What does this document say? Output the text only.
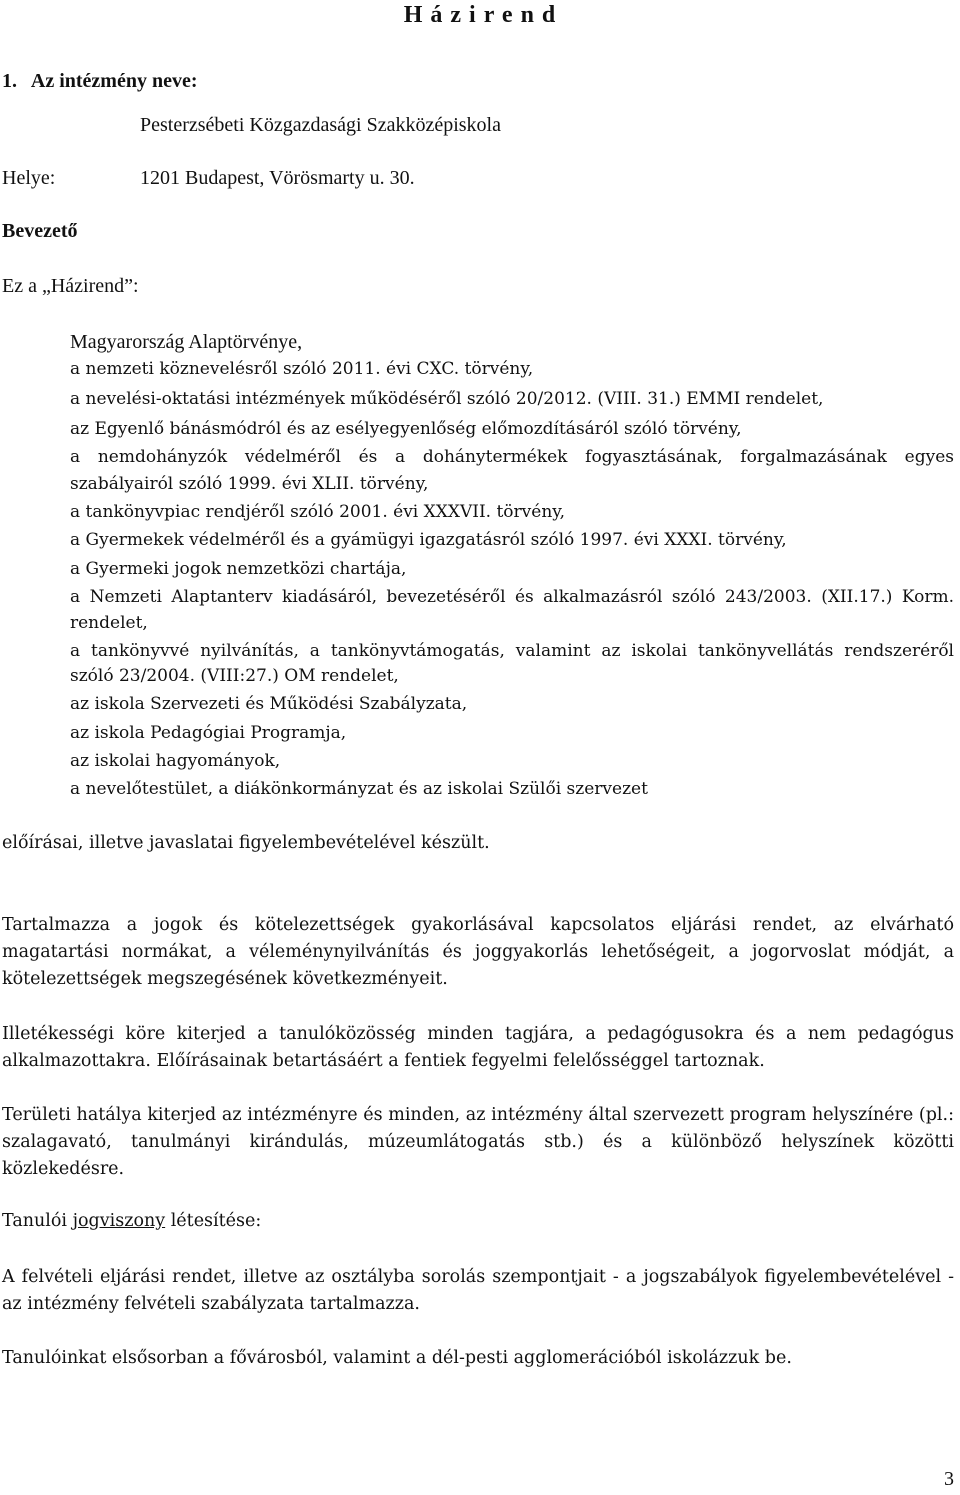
H á z i r e n d
1.   Az intézmény neve:
Pesterzsébeti Közgazdasági Szakközépiskola
Helye:	1201 Budapest, Vörösmarty u. 30.
Bevezető
Ez a „Házirend”:
Magyarország Alaptörvénye,
a nemzeti köznevelésről szóló 2011. évi CXC. törvény,
a nevelési-oktatási intézmények működéséről szóló 20/2012. (VIII. 31.) EMMI rendelet,
az Egyenlő bánásmódról és az esélyegyenlőség előmozdításáról szóló törvény,
a nemdohányzók védelméről és a dohánytermékek fogyasztásának, forgalmazásának egyes
szabályairól szóló 1999. évi XLII. törvény,
a tankönyvpiac rendjéről szóló 2001. évi XXXVII. törvény,
a Gyermekek védelméről és a gyámügyi igazgatásról szóló 1997. évi XXXI. törvény,
a Gyermeki jogok nemzetközi chartája,
a Nemzeti Alaptanterv kiadásáról, bevezetéséről és alkalmazásról szóló 243/2003. (XII.17.) Korm.
rendelet,
a tankönyvvé nyilvánítás, a tankönyvtámogatás, valamint az iskolai tankönyvellátás rendszeréről
szóló 23/2004. (VIII:27.) OM rendelet,
az iskola Szervezeti és Működési Szabályzata,
az iskola Pedagógiai Programja,
az iskolai hagyományok,
a nevelőtestület, a diákönkormányzat és az iskolai Szülői szervezet
előírásai, illetve javaslatai figyelembevételével készült.

Tartalmazza a jogok és kötelezettségek gyakorlásával kapcsolatos eljárási rendet, az elvárható magatartási normákat, a véleménynyilvánítás és joggyakorlás lehetőségeit, a jogorvoslat módját, a kötelezettségek megszegésének következményeit.

Illetékességi köre kiterjed a tanulóközösség minden tagjára, a pedagógusokra és a nem pedagógus alkalmazottakra. Előírásainak betartásáért a fentiek fegyelmi felelősséggel tartoznak.

Területi hatálya kiterjed az intézményre és minden, az intézmény által szervezett program helyszínére (pl.: szalagavató, tanulmányi kirándulás, múzeumlátogatás stb.) és a különböző helyszínek közötti közlekedésre.

Tanulói jogviszony létesítése:

A felvételi eljárási rendet, illetve az osztályba sorolás szempontjait - a jogszabályok figyelembevételével - az intézmény felvételi szabályzata tartalmazza.

Tanulóinkat elsősorban a fővárosból, valamint a dél-pesti agglomerációból iskolázzuk be.

3
